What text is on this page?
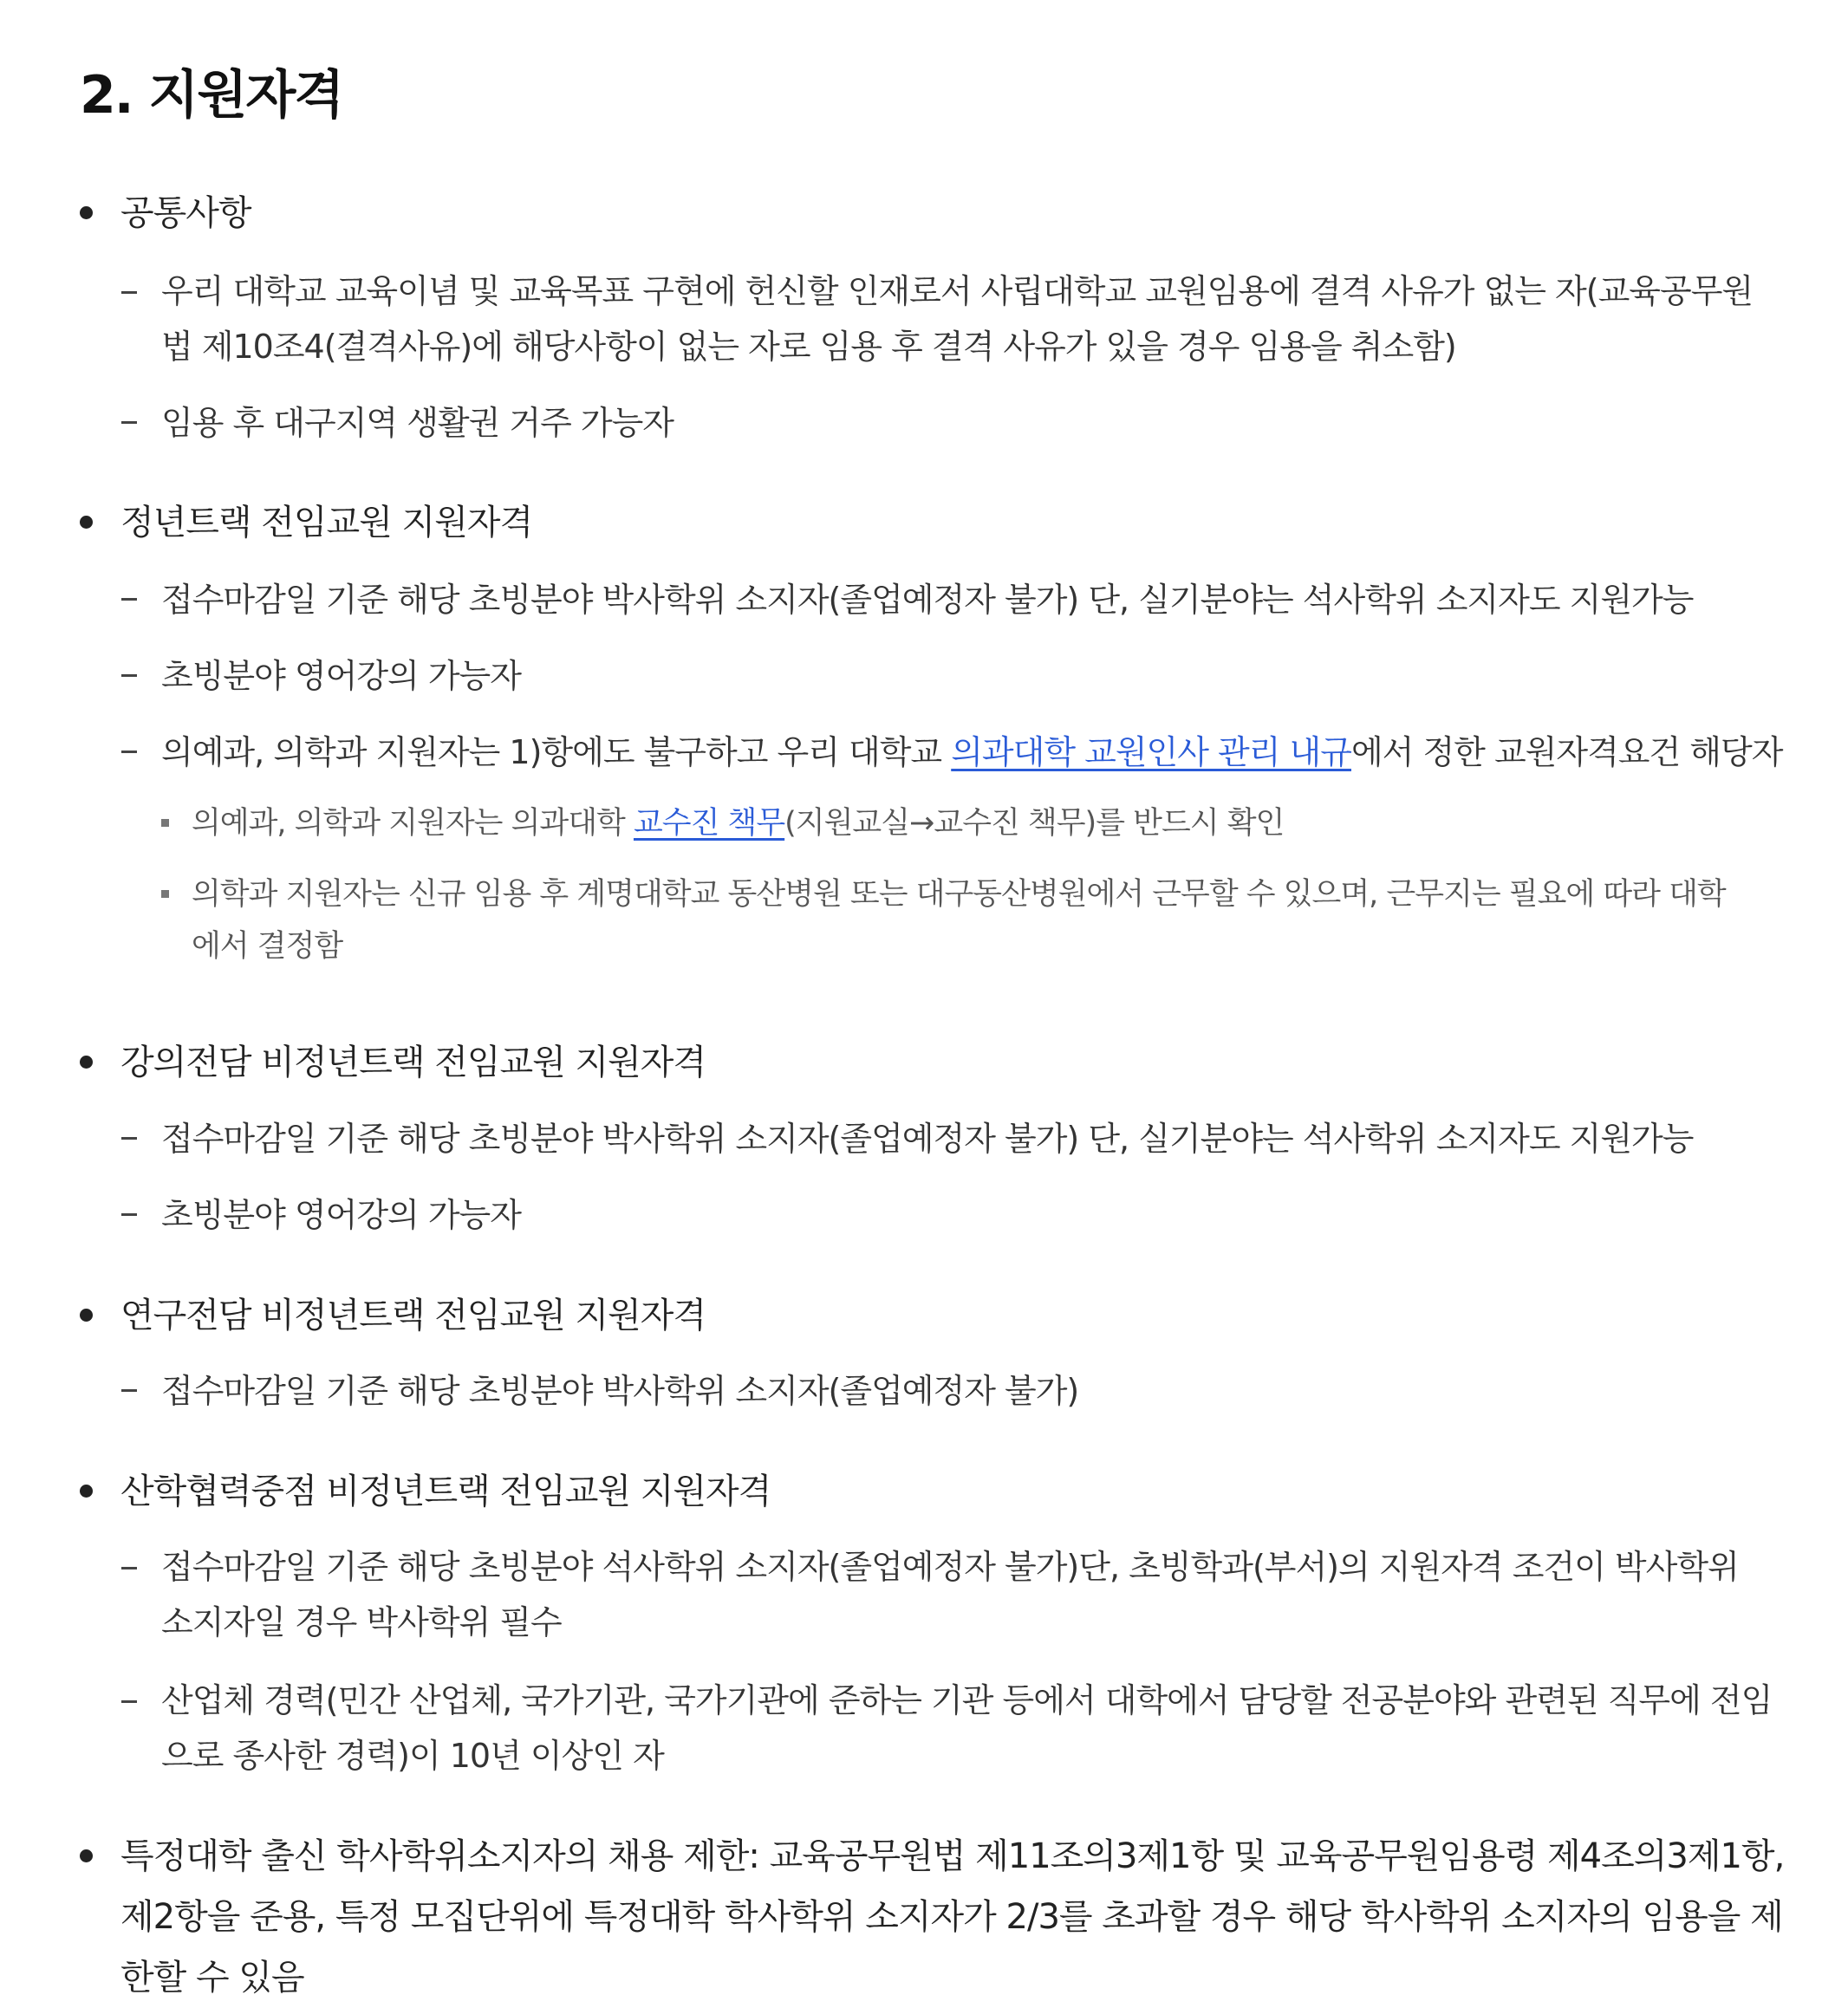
2. 지원자격
공통사항
우리 대학교 교육이념 및 교육목표 구현에 헌신할 인재로서 사립대학교 교원임용에 결격 사유가 없는 자(교육공무원법 제10조4(결격사유)에 해당사항이 없는 자로 임용 후 결격 사유가 있을 경우 임용을 취소함)
임용 후 대구지역 생활권 거주 가능자
정년트랙 전임교원 지원자격
접수마감일 기준 해당 초빙분야 박사학위 소지자(졸업예정자 불가) 단, 실기분야는 석사학위 소지자도 지원가능
초빙분야 영어강의 가능자
의예과, 의학과 지원자는 1)항에도 불구하고 우리 대학교 의과대학 교원인사 관리 내규에서 정한 교원자격요건 해당자
의예과, 의학과 지원자는 의과대학 교수진 책무(지원교실→교수진 책무)를 반드시 확인
의학과 지원자는 신규 임용 후 계명대학교 동산병원 또는 대구동산병원에서 근무할 수 있으며, 근무지는 필요에 따라 대학에서 결정함
강의전담 비정년트랙 전임교원 지원자격
접수마감일 기준 해당 초빙분야 박사학위 소지자(졸업예정자 불가) 단, 실기분야는 석사학위 소지자도 지원가능
초빙분야 영어강의 가능자
연구전담 비정년트랙 전임교원 지원자격
접수마감일 기준 해당 초빙분야 박사학위 소지자(졸업예정자 불가)
산학협력중점 비정년트랙 전임교원 지원자격
접수마감일 기준 해당 초빙분야 석사학위 소지자(졸업예정자 불가)단, 초빙학과(부서)의 지원자격 조건이 박사학위 소지자일 경우 박사학위 필수
산업체 경력(민간 산업체, 국가기관, 국가기관에 준하는 기관 등에서 대학에서 담당할 전공분야와 관련된 직무에 전임으로 종사한 경력)이 10년 이상인 자
특정대학 출신 학사학위소지자의 채용 제한: 교육공무원법 제11조의3제1항 및 교육공무원임용령 제4조의3제1항, 제2항을 준용, 특정 모집단위에 특정대학 학사학위 소지자가 2/3를 초과할 경우 해당 학사학위 소지자의 임용을 제한할 수 있음
